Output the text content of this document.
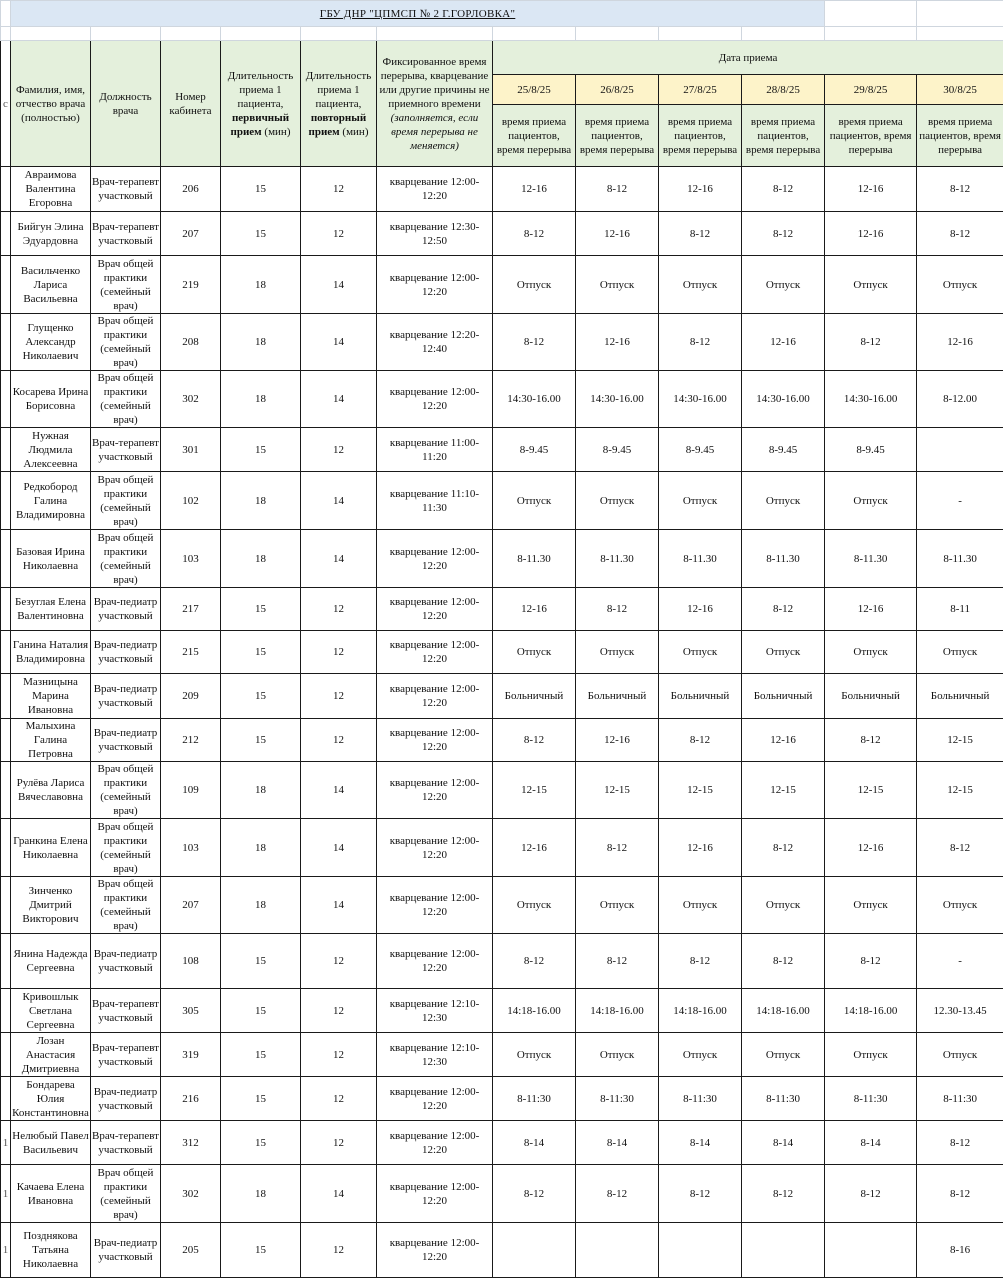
	ГБУ ДНР "ЦПМСП № 2 Г.ГОРЛОВКА"											

с	Фамилия, имя, отчество врача (полностью)	Должность врача	Номер кабинета	Длительность приема 1 пациента, первичный прием (мин)	Длительность приема 1 пациента, повторный прием (мин)	Фиксированное время перерыва, кварцевание или другие причины не приемного времени (заполняется, если время перерыва не меняется)	Дата приема					
							25/8/25	26/8/25	27/8/25	28/8/25	29/8/25	30/8/25
							время приема пациентов, время перерыва	время приема пациентов, время перерыва	время приема пациентов, время перерыва	время приема пациентов, время перерыва	время приема пациентов, время перерыва	время приема пациентов, время перерыва
	Авраимова Валентина Егоровна	Врач-терапевт участковый	206	15	12	кварцевание 12:00-12:20	12-16	8-12	12-16	8-12	12-16	8-12
	Бийгун Элина Эдуардовна	Врач-терапевт участковый	207	15	12	кварцевание 12:30-12:50	8-12	12-16	8-12	8-12	12-16	8-12
	Васильченко Лариса Васильевна	Врач общей практики (семейный врач)	219	18	14	кварцевание 12:00-12:20	Отпуск	Отпуск	Отпуск	Отпуск	Отпуск	Отпуск
	Глущенко Александр Николаевич	Врач общей практики (семейный врач)	208	18	14	кварцевание 12:20-12:40	8-12	12-16	8-12	12-16	8-12	12-16
	Косарева Ирина Борисовна	Врач общей практики (семейный врач)	302	18	14	кварцевание 12:00-12:20	14:30-16.00	14:30-16.00	14:30-16.00	14:30-16.00	14:30-16.00	8-12.00
	Нужная Людмила Алексеевна	Врач-терапевт участковый	301	15	12	кварцевание 11:00-11:20	8-9.45	8-9.45	8-9.45	8-9.45	8-9.45	
	Редкобород Галина Владимировна	Врач общей практики (семейный врач)	102	18	14	кварцевание 11:10-11:30	Отпуск	Отпуск	Отпуск	Отпуск	Отпуск	-
	Базовая Ирина Николаевна	Врач общей практики (семейный врач)	103	18	14	кварцевание 12:00-12:20	8-11.30	8-11.30	8-11.30	8-11.30	8-11.30	8-11.30
	Безуглая Елена Валентиновна	Врач-педиатр участковый	217	15	12	кварцевание 12:00-12:20	12-16	8-12	12-16	8-12	12-16	8-11
	Ганина Наталия Владимировна	Врач-педиатр участковый	215	15	12	кварцевание 12:00-12:20	Отпуск	Отпуск	Отпуск	Отпуск	Отпуск	Отпуск
	Мазницына Марина Ивановна	Врач-педиатр участковый	209	15	12	кварцевание 12:00-12:20	Больничный	Больничный	Больничный	Больничный	Больничный	Больничный
	Малыхина Галина Петровна	Врач-педиатр участковый	212	15	12	кварцевание 12:00-12:20	8-12	12-16	8-12	12-16	8-12	12-15
	Рулёва Лариса Вячеславовна	Врач общей практики (семейный врач)	109	18	14	кварцевание 12:00-12:20	12-15	12-15	12-15	12-15	12-15	12-15
	Гранкина Елена Николаевна	Врач общей практики (семейный врач)	103	18	14	кварцевание 12:00-12:20	12-16	8-12	12-16	8-12	12-16	8-12
	Зинченко Дмитрий Викторович	Врач общей практики (семейный врач)	207	18	14	кварцевание 12:00-12:20	Отпуск	Отпуск	Отпуск	Отпуск	Отпуск	Отпуск
	Янина Надежда Сергеевна	Врач-педиатр участковый	108	15	12	кварцевание 12:00-12:20	8-12	8-12	8-12	8-12	8-12	-
	Кривошлык Светлана Сергеевна	Врач-терапевт участковый	305	15	12	кварцевание 12:10-12:30	14:18-16.00	14:18-16.00	14:18-16.00	14:18-16.00	14:18-16.00	12.30-13.45
	Лозан Анастасия Дмитриевна	Врач-терапевт участковый	319	15	12	кварцевание 12:10-12:30	Отпуск	Отпуск	Отпуск	Отпуск	Отпуск	Отпуск
	Бондарева Юлия Константиновна	Врач-педиатр участковый	216	15	12	кварцевание 12:00-12:20	8-11:30	8-11:30	8-11:30	8-11:30	8-11:30	8-11:30
1	Нелюбый Павел Васильевич	Врач-терапевт участковый	312	15	12	кварцевание 12:00-12:20	8-14	8-14	8-14	8-14	8-14	8-12
1	Качаева Елена Ивановна	Врач общей практики (семейный врач)	302	18	14	кварцевание 12:00-12:20	8-12	8-12	8-12	8-12	8-12	8-12
1	Позднякова Татьяна Николаевна	Врач-педиатр участковый	205	15	12	кварцевание 12:00-12:20						8-16
